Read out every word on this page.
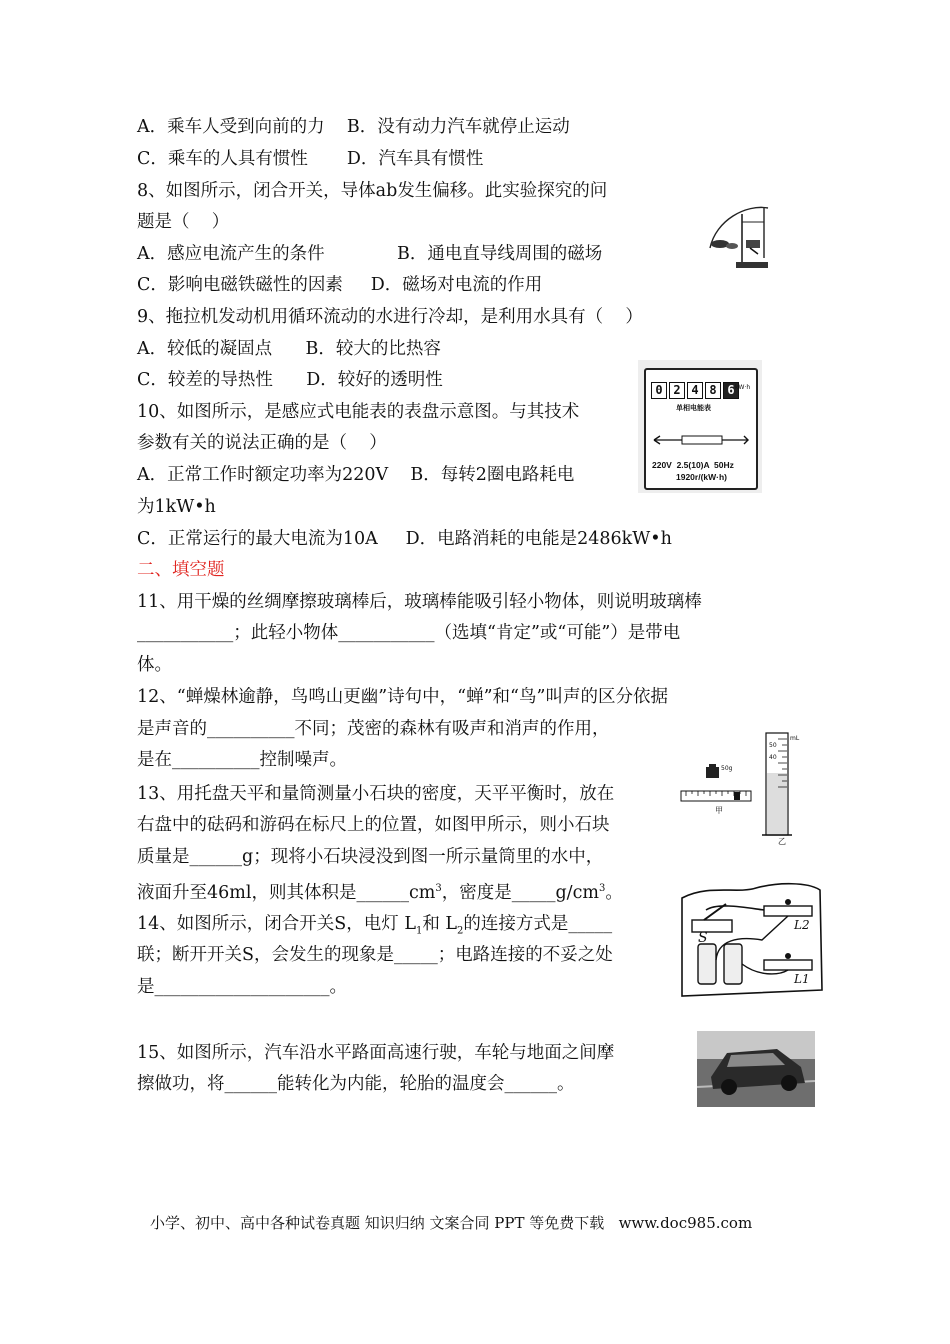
A．乘车人受到向前的力    B．没有动力汽车就停止运动
C．乘车的人具有惯性       D．汽车具有惯性
8、如图所示，闭合开关，导体ab发生偏移。此实验探究的问
题是（    ）
A．感应电流产生的条件             B．通电直导线周围的磁场
C．影响电磁铁磁性的因素     D．磁场对电流的作用
9、拖拉机发动机用循环流动的水进行冷却，是利用水具有（    ）
A．较低的凝固点      B．较大的比热容
C．较差的导热性      D．较好的透明性
10、如图所示，是感应式电能表的表盘示意图。与其技术
参数有关的说法正确的是（    ）
A．正常工作时额定功率为220V    B．每转2圈电路耗电
为1kW•h
C．正常运行的最大电流为10A     D．电路消耗的电能是2486kW•h
二、填空题
11、用干燥的丝绸摩擦玻璃棒后，玻璃棒能吸引轻小物体，则说明玻璃棒
___________；此轻小物体___________（选填“肯定”或“可能”）是带电
体。
12、“蝉燥林逾静，鸟鸣山更幽”诗句中，“蝉”和“鸟”叫声的区分依据
是声音的__________不同；茂密的森林有吸声和消声的作用，
是在__________控制噪声。
13、用托盘天平和量筒测量小石块的密度，天平平衡时，放在
右盘中的砝码和游码在标尺上的位置，如图甲所示，则小石块
质量是______g；现将小石块浸没到图一所示量筒里的水中，
液面升至46ml，则其体积是$\_\_\_\_\_\_cm^3$，密度是$\_\_\_\_\_g/cm^3$。
14、如图所示，闭合开关S，电灯 $L_1$和 $L_2$的连接方式是_____
联；断开开关S，会发生的现象是_____；电路连接的不妥之处
是____________________。
15、如图所示，汽车沿水平路面高速行驶，车轮与地面之间摩
擦做功，将______能转化为内能，轮胎的温度会______。
0 2 4 8 6 kW·h
单相电能表
220V  2.5(10)A  50Hz
1920r/(kW·h)
50g
甲
乙
mL
50
40
S
L2
L1
小学、初中、高中各种试卷真题 知识归纳 文案合同 PPT 等免费下载   www.doc985.com
